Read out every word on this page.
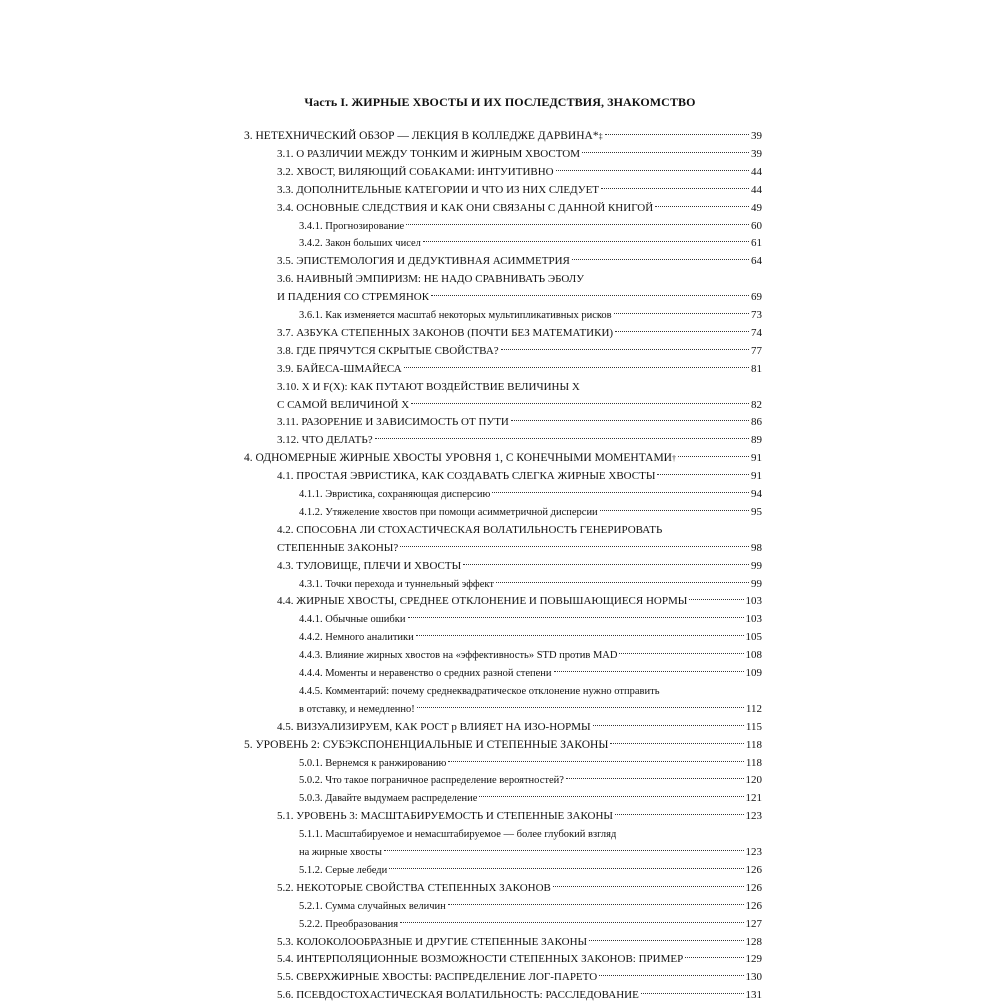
Часть I. ЖИРНЫЕ ХВОСТЫ И ИХ ПОСЛЕДСТВИЯ, ЗНАКОМСТВО
3. НЕТЕХНИЧЕСКИЙ ОБЗОР — ЛЕКЦИЯ В КОЛЛЕДЖЕ ДАРВИНА* ‡	39
3.1. О РАЗЛИЧИИ МЕЖДУ ТОНКИМ И ЖИРНЫМ ХВОСТОМ	39
3.2. ХВОСТ, ВИЛЯЮЩИЙ СОБАКАМИ: ИНТУИТИВНО	44
3.3. ДОПОЛНИТЕЛЬНЫЕ КАТЕГОРИИ И ЧТО ИЗ НИХ СЛЕДУЕТ	44
3.4. ОСНОВНЫЕ СЛЕДСТВИЯ И КАК ОНИ СВЯЗАНЫ С ДАННОЙ КНИГОЙ	49
3.4.1. Прогнозирование	60
3.4.2. Закон больших чисел	61
3.5. ЭПИСТЕМОЛОГИЯ И ДЕДУКТИВНАЯ АСИММЕТРИЯ	64
3.6. НАИВНЫЙ ЭМПИРИЗМ: НЕ НАДО СРАВНИВАТЬ ЭБОЛУ
И ПАДЕНИЯ СО СТРЕМЯНОК	69
3.6.1. Как изменяется масштаб некоторых мультипликативных рисков	73
3.7. АЗБУКА СТЕПЕННЫХ ЗАКОНОВ (ПОЧТИ БЕЗ МАТЕМАТИКИ)	74
3.8. ГДЕ ПРЯЧУТСЯ СКРЫТЫЕ СВОЙСТВА?	77
3.9. БАЙЕСА-ШМАЙЕСА	81
3.10. X И F(X): КАК ПУТАЮТ ВОЗДЕЙСТВИЕ ВЕЛИЧИНЫ X
С САМОЙ ВЕЛИЧИНОЙ X	82
3.11. РАЗОРЕНИЕ И ЗАВИСИМОСТЬ ОТ ПУТИ	86
3.12. ЧТО ДЕЛАТЬ?	89
4. ОДНОМЕРНЫЕ ЖИРНЫЕ ХВОСТЫ УРОВНЯ 1, С КОНЕЧНЫМИ МОМЕНТАМИ †	91
4.1. ПРОСТАЯ ЭВРИСТИКА, КАК СОЗДАВАТЬ СЛЕГКА ЖИРНЫЕ ХВОСТЫ	91
4.1.1. Эвристика, сохраняющая дисперсию	94
4.1.2. Утяжеление хвостов при помощи асимметричной дисперсии	95
4.2. СПОСОБНА ЛИ СТОХАСТИЧЕСКАЯ ВОЛАТИЛЬНОСТЬ ГЕНЕРИРОВАТЬ
СТЕПЕННЫЕ ЗАКОНЫ?	98
4.3. ТУЛОВИЩЕ, ПЛЕЧИ И ХВОСТЫ	99
4.3.1. Точки перехода и туннельный эффект	99
4.4. ЖИРНЫЕ ХВОСТЫ, СРЕДНЕЕ ОТКЛОНЕНИЕ И ПОВЫШАЮЩИЕСЯ НОРМЫ	103
4.4.1. Обычные ошибки	103
4.4.2. Немного аналитики	105
4.4.3. Влияние жирных хвостов на «эффективность» STD против MAD	108
4.4.4. Моменты и неравенство о средних разной степени	109
4.4.5. Комментарий: почему среднеквадратическое отклонение нужно отправить
в отставку, и немедленно!	112
4.5. ВИЗУАЛИЗИРУЕМ, КАК РОСТ p ВЛИЯЕТ НА ИЗО-НОРМЫ	115
5. УРОВЕНЬ 2: СУБЭКСПОНЕНЦИАЛЬНЫЕ И СТЕПЕННЫЕ ЗАКОНЫ	118
5.0.1. Вернемся к ранжированию	118
5.0.2. Что такое пограничное распределение вероятностей?	120
5.0.3. Давайте выдумаем распределение	121
5.1. УРОВЕНЬ 3: МАСШТАБИРУЕМОСТЬ И СТЕПЕННЫЕ ЗАКОНЫ	123
5.1.1. Масштабируемое и немасштабируемое — более глубокий взгляд
на жирные хвосты	123
5.1.2. Серые лебеди	126
5.2. НЕКОТОРЫЕ СВОЙСТВА СТЕПЕННЫХ ЗАКОНОВ	126
5.2.1. Сумма случайных величин	126
5.2.2. Преобразования	127
5.3. КОЛОКОЛООБРАЗНЫЕ И ДРУГИЕ СТЕПЕННЫЕ ЗАКОНЫ	128
5.4. ИНТЕРПОЛЯЦИОННЫЕ ВОЗМОЖНОСТИ СТЕПЕННЫХ ЗАКОНОВ: ПРИМЕР	129
5.5. СВЕРХЖИРНЫЕ ХВОСТЫ: РАСПРЕДЕЛЕНИЕ ЛОГ-ПАРЕТО	130
5.6. ПСЕВДОСТОХАСТИЧЕСКАЯ ВОЛАТИЛЬНОСТЬ: РАССЛЕДОВАНИЕ	131
